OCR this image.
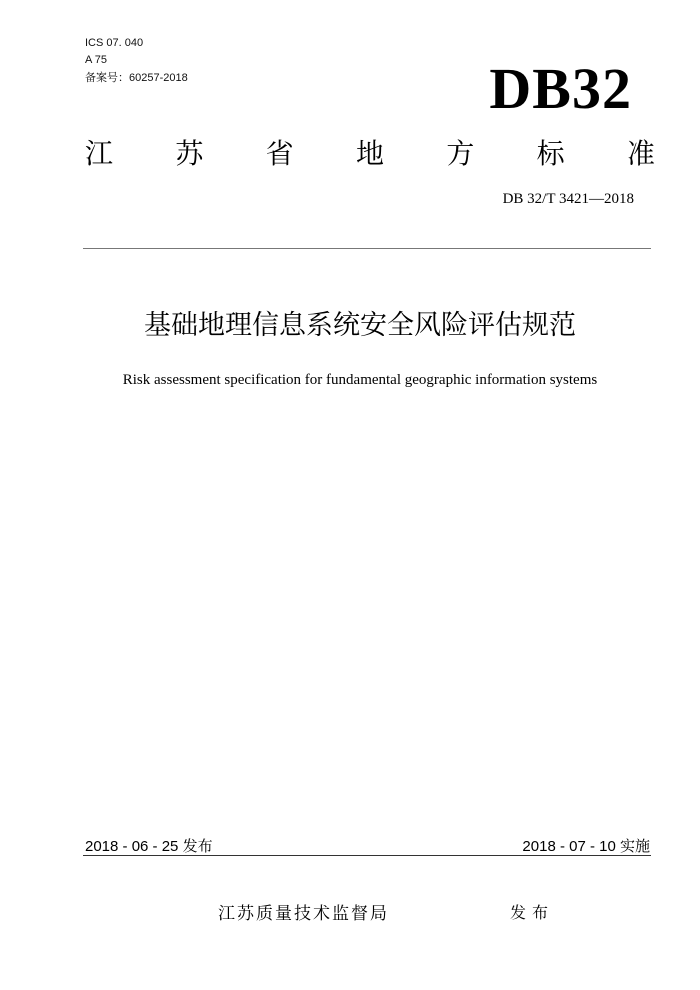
ICS 07. 040
A 75
备案号：60257-2018	DB32
江 苏 省 地 方 标 准
DB 32/T 3421—2018
基础地理信息系统安全风险评估规范
Risk assessment specification for fundamental geographic information systems
2018 - 06 - 25 发布	2018 - 07 - 10 实施
江苏质量技术监督局	发布
